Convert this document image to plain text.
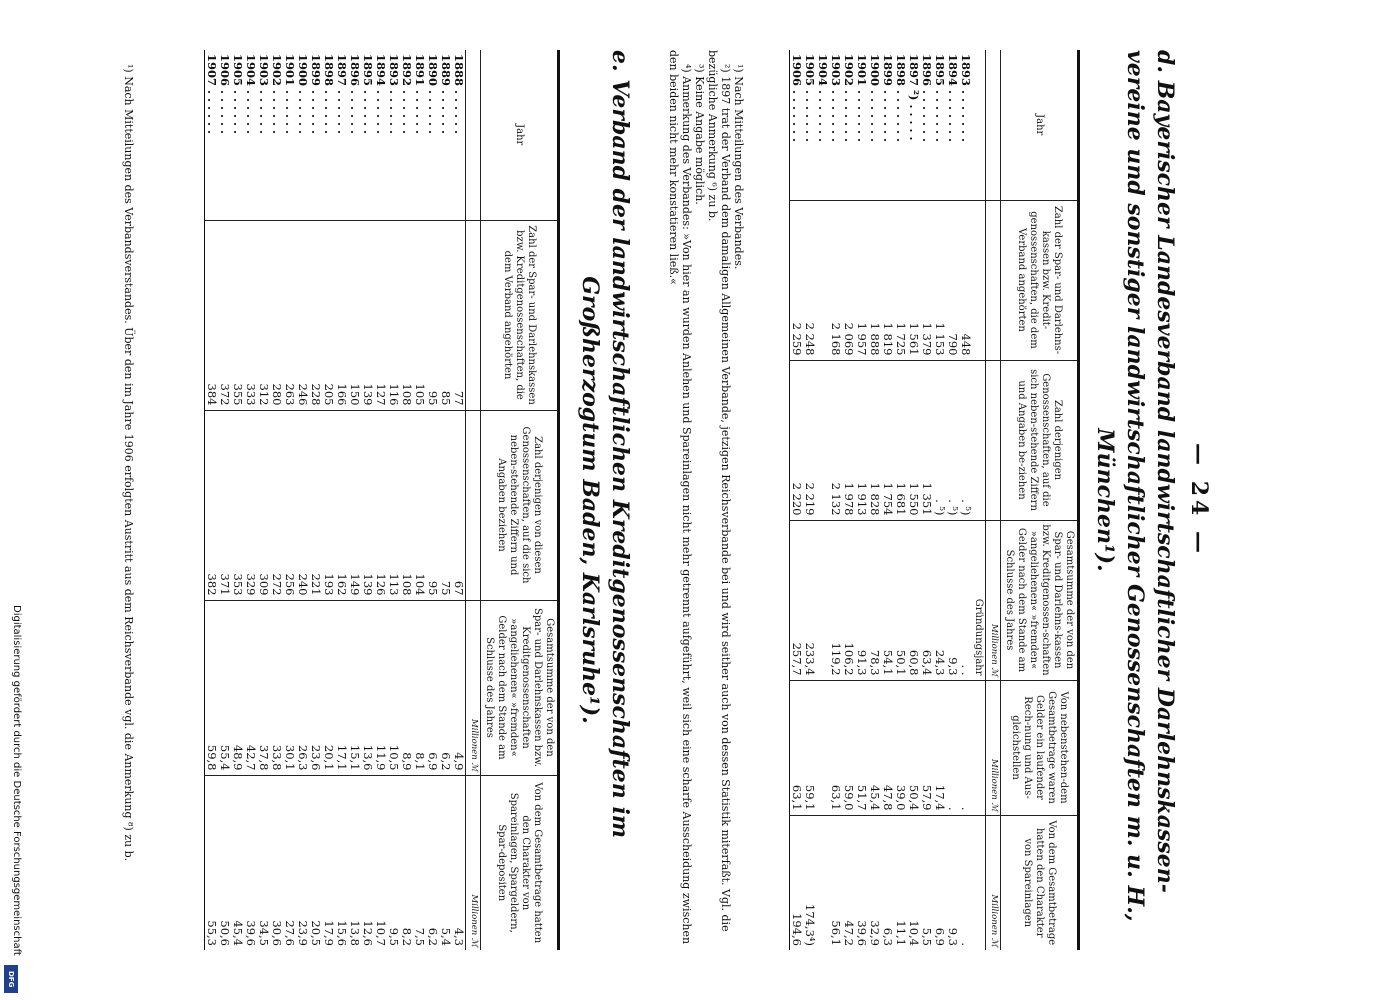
— 24 —
d. Bayerischer Landesverband landwirtschaftlicher Darlehnskassen-
vereine und sonstiger landwirtschaftlicher Genossenschaften m. u. H.,
München¹).
Jahr	Zahl der Spar- und Darlehns-kassen bzw. Kredit-genossenschaften, die dem Verband angehörten	Zahl derjenigen Genossenschaften, auf die sich neben-stehende Ziffern und Angaben be-ziehen	Gesamtsumme der von den Spar- und Darlehns-kassen bzw. Kreditgenossen-schaften »angeliehenen« »fremden« Gelder nach dem Stande am Schlusse des Jahres	Von nebenstehen-dem Gesamtbetrage waren Gelder ein laufender Rech-nung und Aus-gleichstellen	Von dem Gesamtbetrage hatten den Charakter von Spareinlagen
			Millionen ℳ	Millionen ℳ	Millionen ℳ
			Gründungsjahr		
1893 . . . . . . .	448	. ⁵)	. .	.	.
1894 . . . . . . .	790	. ⁵)	9,3	.	9,3
1895 . . . . . . .	1 153	. ⁵)	24,3	17,4	6,9
1896 . . . . . . .	1 379	1 351	63,4	57,9	5,5
1897 ²) . . . . .	1 561	1 550	60,8	50,4	10,4
1898 . . . . . . .	1 725	1 681	50,1	39,0	11,1
1899 . . . . . . .	1 819	1 754	54,1	47,8	6,3
1900 . . . . . . .	1 888	1 828	78,3	45,4	32,9
1901 . . . . . . .	1 957	1 913	91,3	51,7	39,6
1902 . . . . . . .	2 069	1 978	106,2	59,0	47,2
1903 . . . . . . .	2 168	2 132	119,2	63,1	56,1
1904 . . . . . . .					
1905 . . . . . . .	2 248	2 219	233,4	59,1	174,3⁴)
1906 . . . . . . .	2 259	2 220	257,7	63,1	194,6

¹) Nach Mitteilungen des Verbandes.

²) 1897 trat der Verband dem damaligen Allgemeinen Verbande, jetzigen Reichsverbande bei und wird seither auch von dessen Statistik miterfaßt. Vgl. die bezügliche Anmerkung ⁶) zu b.

³) Keine Angabe möglich.

⁴) Anmerkung des Verbandes: »Von hier an wurden Anlehen und Spareinlagen nicht mehr getrennt aufgeführt, weil sich eine scharfe Ausscheidung zwischen den beiden nicht mehr konstatieren ließ.«

e. Verband der landwirtschaftlichen Kreditgenossenschaften im

Großherzogtum Baden, Karlsruhe¹).
Jahr	Zahl der Spar- und Darlehnskassen bzw. Kreditgenossenschaften, die dem Verband angehörten	Zahl derjenigen von diesen Genossenschaften, auf die sich neben-stehende Ziffern und Angaben beziehen	Gesamtsumme der von den Spar- und Darlehnskassen bzw. Kreditgenossenschaften »angeliehenen« »fremden« Gelder nach dem Stande am Schlusse des Jahres	Von dem Gesamtbetrage hatten den Charakter von Spareinlagen, Spargeldern, Spar-depositen
			Millionen ℳ	Millionen ℳ
1888 . . . . . .	77	67	4,9	4,3
1889 . . . . . .	85	75	6,2	5,4
1890 . . . . . .	95	95	6,9	6,2
1891 . . . . . .	105	104	8,1	7,5
1892 . . . . . .	108	108	8,9	8,2
1893 . . . . . .	116	113	10,5	9,5
1894 . . . . . .	127	126	11,9	10,7
1895 . . . . . .	139	139	13,6	12,6
1896 . . . . . .	150	149	15,1	13,8
1897 . . . . . .	166	162	17,1	15,6
1898 . . . . . .	205	193	20,1	17,9
1899 . . . . . .	228	221	23,6	20,5
1900 . . . . . .	246	240	26,3	23,9
1901 . . . . . .	263	256	30,1	27,6
1902 . . . . . .	280	272	33,8	30,6
1903 . . . . . .	312	309	37,8	34,5
1904 . . . . . .	333	329	42,7	39,6
1905 . . . . . .	355	353	48,9	45,4
1906 . . . . . .	372	371	55,4	50,6
1907 . . . . . .	384	382	59,8	55,3

¹) Nach Mitteilungen des Verbandsverstandes. Über den im Jahre 1906 erfolgten Austritt aus dem Reichsverbande vgl. die Anmerkung ⁸) zu b.

Digitalisierung gefördert durch die Deutsche Forschungsgemeinschaft
DFG
